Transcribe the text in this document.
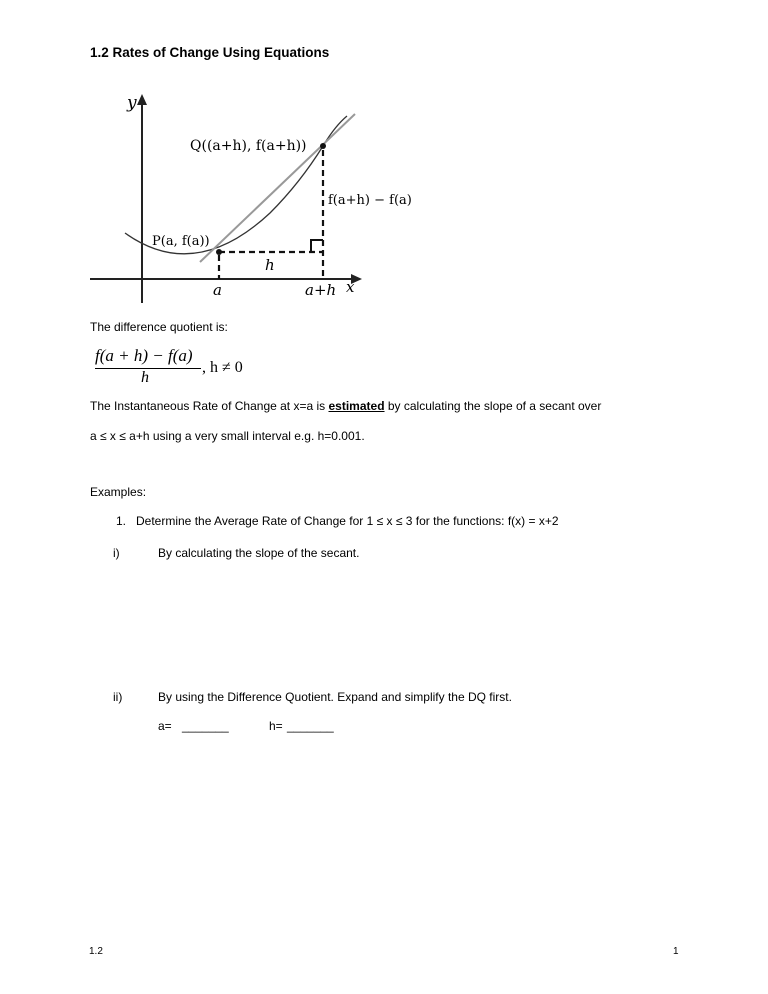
1.2 Rates of Change Using Equations
y
x
Q((a+h), f(a+h))
P(a, f(a))
f(a+h) − f(a)
h
a	a+h
The difference quotient is:
f(a + h) − f(a)
h
, h ≠ 0
The Instantaneous Rate of Change at x=a is estimated by calculating the slope of a secant over
a ≤ x ≤ a+h using a very small interval e.g. h=0.001.
Examples:
1. Determine the Average Rate of Change for 1 ≤ x ≤ 3 for the functions: f(x) = x+2
i)	By calculating the slope of the secant.
ii)	By using the Difference Quotient. Expand and simplify the DQ first.
a= _______	h= _______
1.2	1
